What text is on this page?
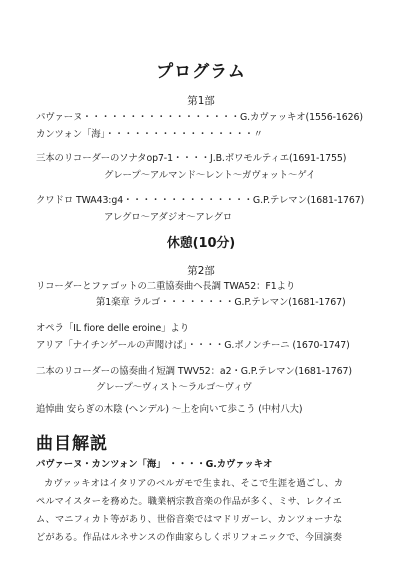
プログラム
第1部
パヴァーヌ・・・・・・・・・・・・・・・・・G.カヴァッキオ(1556-1626)
カンツォン「海」・・・・・・・・・・・・・・・・〃
三本のリコーダーのソナタop7-1・・・・J.B.ボワモルティエ(1691-1755)
グレープ～アルマンド～レント～ガヴォット～ゲイ
クワドロ TWA43:g4・・・・・・・・・・・・・・G.P.テレマン(1681-1767)
アレグロ～アダジオ～アレグロ
休憩(10分)
第2部
リコーダーとファゴットの二重協奏曲ヘ長調 TWA52：F1より
第1楽章 ラルゴ・・・・・・・・G.P.テレマン(1681-1767)
オペラ「IL fiore delle eroine」より
アリア「ナイチンゲールの声聞けば」・・・・G.ボノンチーニ (1670-1747)
二本のリコーダーの協奏曲イ短調 TWV52：a2・G.P.テレマン(1681-1767)
グレープ～ヴィスト～ラルゴ～ヴィヴ
追悼曲 安らぎの木陰 (ヘンデル) ～上を向いて歩こう (中村八大)
曲目解説
パヴァーヌ・カンツォン「海」 ・・・・G.カヴァッキオ
カヴァッキオはイタリアのベルガモで生まれ、そこで生涯を過ごし、カ
ペルマイスターを務めた。職業柄宗教音楽の作品が多く、ミサ、レクイエ
ム、マニフィカト等があり、世俗音楽ではマドリガーレ、カンツォーナな
どがある。作品はルネサンスの作曲家らしくポリフォニックで、今回演奏
